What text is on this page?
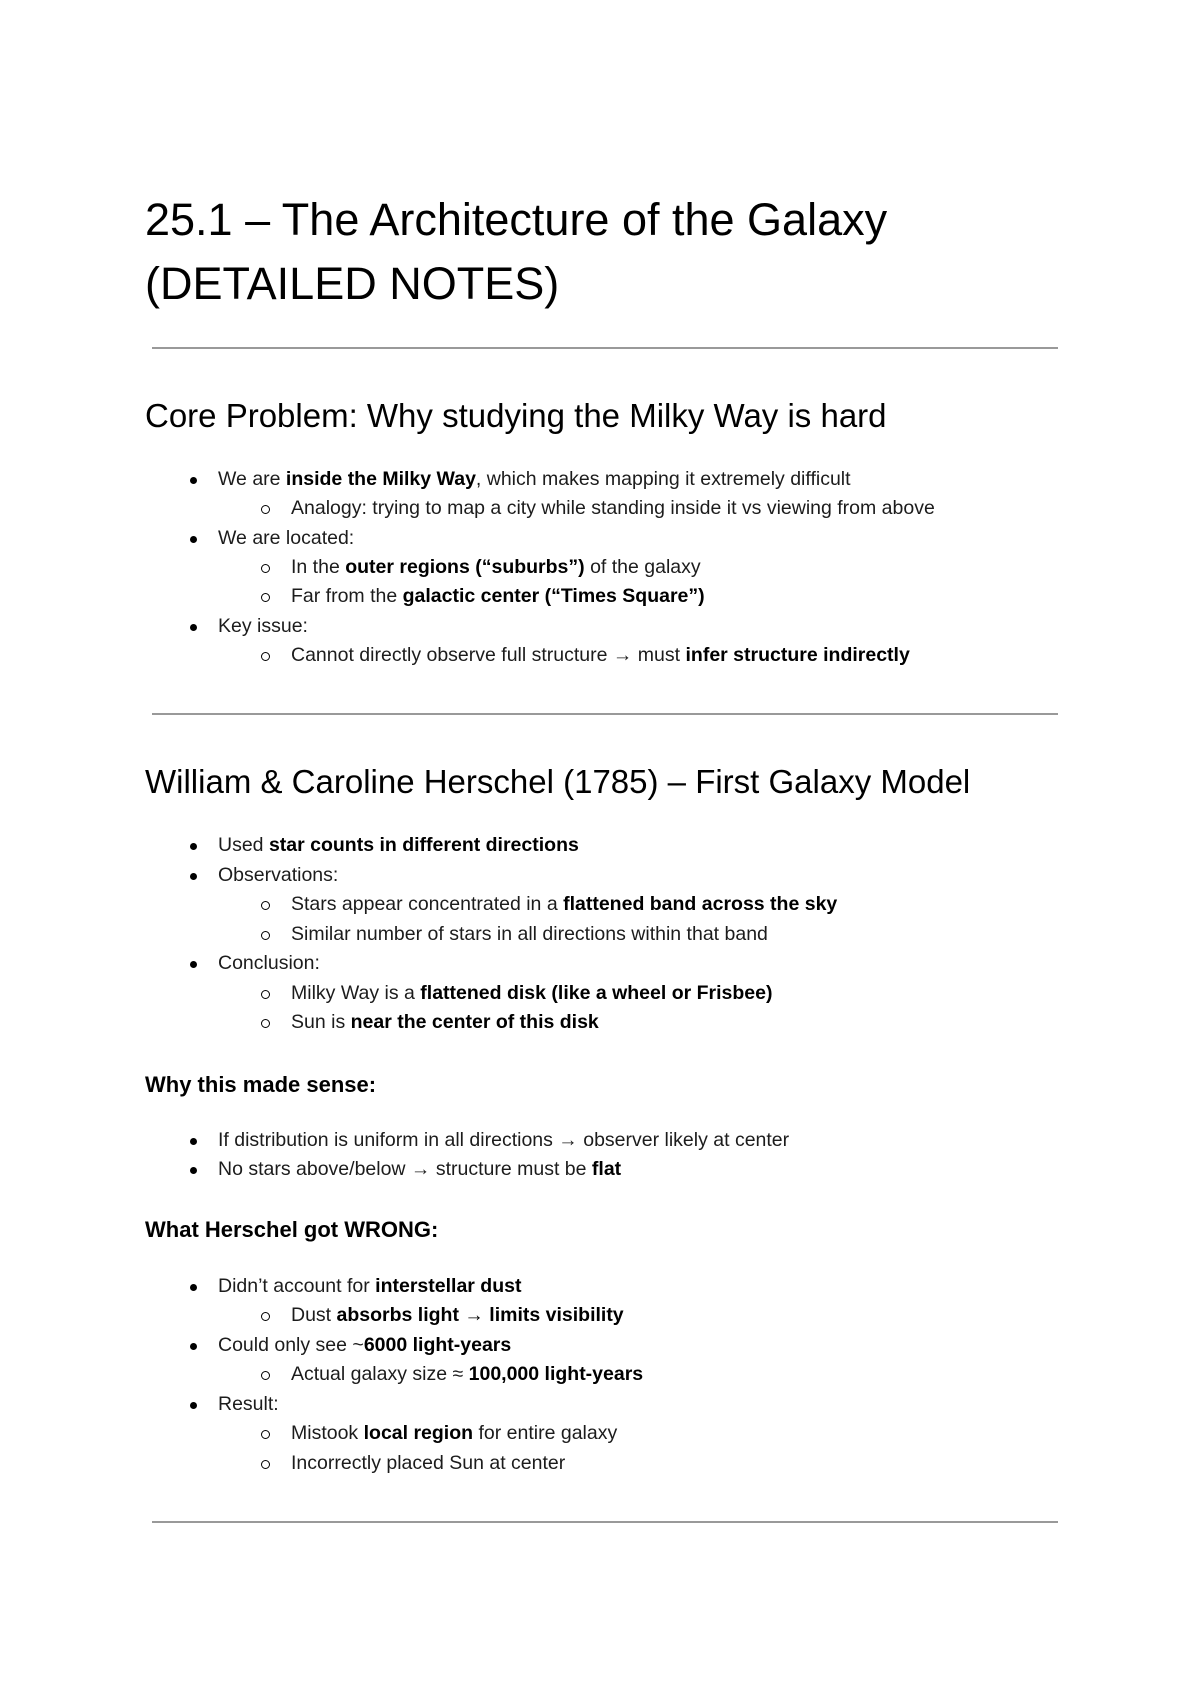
25.1 – The Architecture of the Galaxy (DETAILED NOTES)
Core Problem: Why studying the Milky Way is hard
We are inside the Milky Way, which makes mapping it extremely difficult
Analogy: trying to map a city while standing inside it vs viewing from above
We are located:
In the outer regions (“suburbs”) of the galaxy
Far from the galactic center (“Times Square”)
Key issue:
Cannot directly observe full structure → must infer structure indirectly
William & Caroline Herschel (1785) – First Galaxy Model
Used star counts in different directions
Observations:
Stars appear concentrated in a flattened band across the sky
Similar number of stars in all directions within that band
Conclusion:
Milky Way is a flattened disk (like a wheel or Frisbee)
Sun is near the center of this disk
Why this made sense:
If distribution is uniform in all directions → observer likely at center
No stars above/below → structure must be flat
What Herschel got WRONG:
Didn’t account for interstellar dust
Dust absorbs light → limits visibility
Could only see ~6000 light-years
Actual galaxy size ≈ 100,000 light-years
Result:
Mistook local region for entire galaxy
Incorrectly placed Sun at center
